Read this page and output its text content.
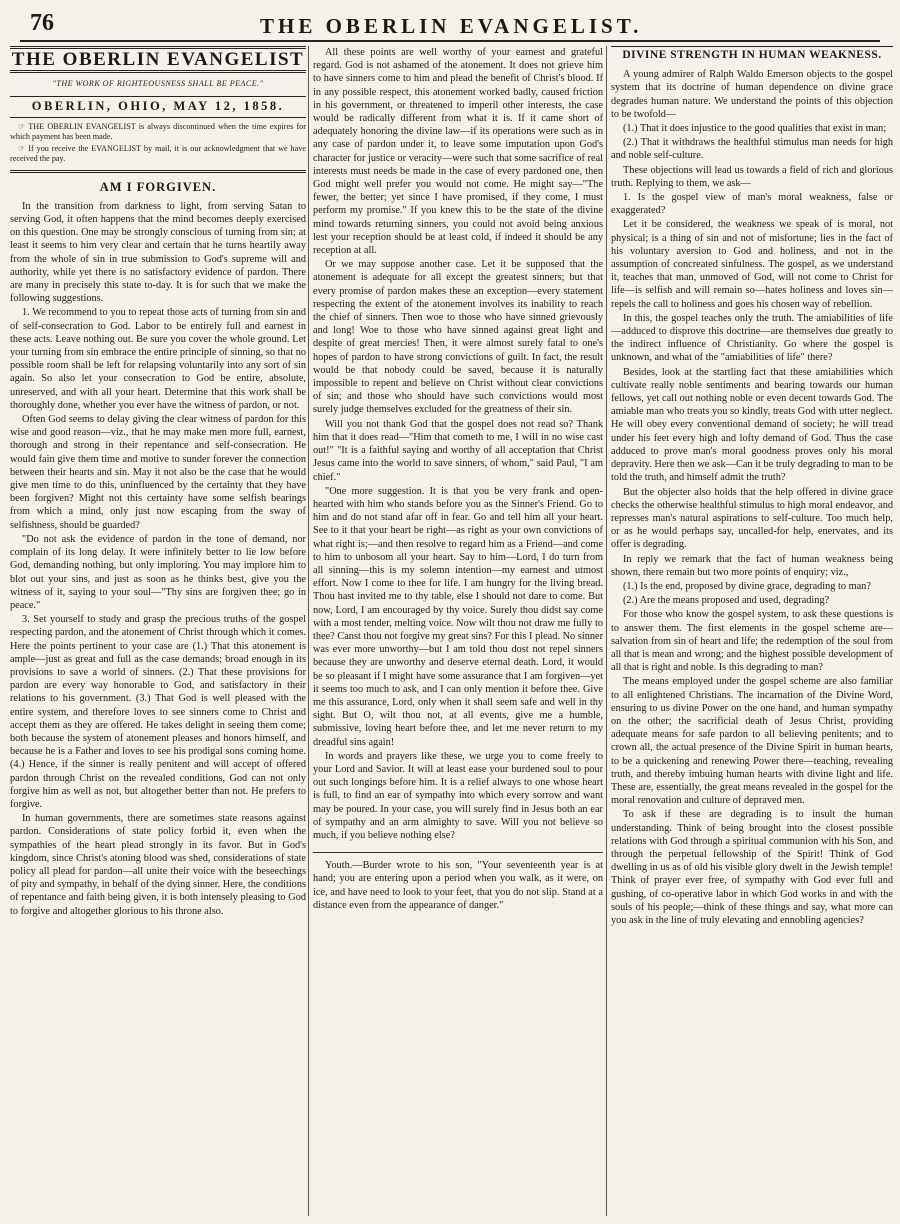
76	THE OBERLIN EVANGELIST.
THE OBERLIN EVANGELIST
"THE WORK OF RIGHTEOUSNESS SHALL BE PEACE."
OBERLIN, OHIO, MAY 12, 1858.
☞ THE OBERLIN EVANGELIST is always discontinued when the time expires for which payment has been made.
☞ If you receive the EVANGELIST by mail, it is our acknowledgment that we have received the pay.
AM I FORGIVEN.

In the transition from darkness to light, from serving Satan to serving God, it often happens that the mind becomes deeply exercised on this question. One may be strongly conscious of turning from sin; at least it seems to him very clear and certain that he turns heartily away from the whole of sin in true submission to God's supreme will and authority, while yet there is no satisfactory evidence of pardon. There are many in precisely this state to-day. It is for such that we make the following suggestions.

1. We recommend to you to repeat those acts of turning from sin and of self-consecration to God. Labor to be entirely full and earnest in these acts. Leave nothing out. Be sure you cover the whole ground. Let your turning from sin embrace the entire principle of sinning, so that no possible room shall be left for relapsing voluntarily into any sort of sin again. So also let your consecration to God be entire, absolute, unreserved, and with all your heart. Determine that this work shall be thoroughly done, whether you ever have the witness of pardon, or not.

Often God seems to delay giving the clear witness of pardon for this wise and good reason—viz., that he may make men more full, earnest, thorough and strong in their repentance and self-consecration. He would fain give them time and motive to sunder forever the connection between their hearts and sin. May it not also be the case that he would give men time to do this, uninfluenced by the certainty that they have been forgiven? Might not this certainty have some selfish bearings from which a mind, only just now escaping from the sway of selfishness, should be guarded?

"Do not ask the evidence of pardon in the tone of demand, nor complain of its long delay. It were infinitely better to lie low before God, demanding nothing, but only imploring. You may implore him to blot out your sins, and just as soon as he thinks best, give you the witness of it, saying to your soul—"Thy sins are forgiven thee; go in peace."

3. Set yourself to study and grasp the precious truths of the gospel respecting pardon, and the atonement of Christ through which it comes. Here the points pertinent to your case are (1.) That this atonement is ample—just as great and full as the case demands; broad enough in its provisions to save a world of sinners. (2.) That these provisions for pardon are every way honorable to God, and satisfactory in their relations to his government. (3.) That God is well pleased with the entire system, and therefore loves to see sinners come to Christ and accept them as they are offered. He takes delight in seeing them come; both because the system of atonement pleases and honors himself, and because he is a Father and loves to see his prodigal sons coming home. (4.) Hence, if the sinner is really penitent and will accept of offered pardon through Christ on the revealed conditions, God can not only forgive him as well as not, but altogether better than not. He prefers to forgive.

In human governments, there are sometimes state reasons against pardon. Considerations of state policy forbid it, even when the sympathies of the heart plead strongly in its favor. But in God's kingdom, since Christ's atoning blood was shed, considerations of state policy all plead for pardon—all unite their voice with the beseechings of pity and sympathy, in behalf of the dying sinner. Here, the conditions of repentance and faith being given, it is both intensely pleasing to God to forgive and altogether glorious to his throne also.

All these points are well worthy of your earnest and grateful regard. God is not ashamed of the atonement. It does not grieve him to have sinners come to him and plead the benefit of Christ's blood. If in any possible respect, this atonement worked badly, caused friction in his government, or threatened to imperil other interests, the case would be radically different from what it is. If it came short of adequately honoring the divine law—if its operations were such as in any case of pardon under it, to leave some imputation upon God's character for justice or veracity—were such that some sacrifice of real interests must needs be made in the case of every pardoned one, then God might well prefer you would not come. He might say—"The fewer, the better; yet since I have promised, if they come, I must perform my promise." If you knew this to be the state of the divine mind towards returning sinners, you could not avoid being anxious lest your reception should be at least cold, if indeed it should be any reception at all.

Or we may suppose another case. Let it be supposed that the atonement is adequate for all except the greatest sinners; but that every promise of pardon makes these an exception—every statement respecting the extent of the atonement involves its inability to reach the chief of sinners. Then woe to those who have sinned grievously and long! Woe to those who have sinned against great light and despite of great mercies! Then, it were almost surely fatal to one's hopes of pardon to have strong convictions of guilt. In fact, the result would be that nobody could be saved, because it is naturally impossible to repent and believe on Christ without clear convictions of sin; and those who should have such convictions would most surely judge themselves excluded for the greatness of their sin.

Will you not thank God that the gospel does not read so? Thank him that it does read—"Him that cometh to me, I will in no wise cast out!" "It is a faithful saying and worthy of all acceptation that Christ Jesus came into the world to save sinners, of whom," said Paul, "I am chief."

"One more suggestion. It is that you be very frank and open-hearted with him who stands before you as the Sinner's Friend. Go to him and do not stand afar off in fear. Go and tell him all your heart. See to it that your heart be right—as right as your own convictions of what right is;—and then resolve to regard him as a Friend—and come to him to unbosom all your heart. Say to him—Lord, I do turn from all sinning—this is my solemn intention—my earnest and utmost effort. Now I come to thee for life. I am hungry for the living bread. Thou hast invited me to thy table, else I should not dare to come. But now, Lord, I am encouraged by thy voice. Surely thou didst say come with a most tender, melting voice. Now wilt thou not draw me fully to thee? Canst thou not forgive my great sins? For this I plead. No sinner was ever more unworthy—but I am told thou dost not repel sinners because they are unworthy and deserve eternal death. Lord, it would be so pleasant if I might have some assurance that I am forgiven—yet it seems too much to ask, and I can only mention it before thee. Give me this assurance, Lord, only when it shall seem safe and well in thy sight. But O, wilt thou not, at all events, give me a humble, submissive, loving heart before thee, and let me never return to my dreadful sins again!

In words and prayers like these, we urge you to come freely to your Lord and Savior. It will at least ease your burdened soul to pour out such longings before him. It is a relief always to one whose heart is full, to find an ear of sympathy into which every sorrow and want may be poured. In your case, you will surely find in Jesus both an ear of sympathy and an arm almighty to save. Will you not believe so much, if you believe nothing else?

Youth.—Burder wrote to his son, "Your seventeenth year is at hand; you are entering upon a period when you walk, as it were, on ice, and have need to look to your feet, that you do not slip. Stand at a distance even from the appearance of danger."

DIVINE STRENGTH IN HUMAN WEAKNESS.

A young admirer of Ralph Waldo Emerson objects to the gospel system that its doctrine of human dependence on divine grace degrades human nature. We understand the points of this objection to be twofold—

(1.) That it does injustice to the good qualities that exist in man;

(2.) That it withdraws the healthful stimulus man needs for high and noble self-culture.

These objections will lead us towards a field of rich and glorious truth. Replying to them, we ask—

1. Is the gospel view of man's moral weakness, false or exaggerated?

Let it be considered, the weakness we speak of is moral, not physical; is a thing of sin and not of misfortune; lies in the fact of his voluntary aversion to God and holiness, and not in the assumption of concreated sinfulness. The gospel, as we understand it, teaches that man, unmoved of God, will not come to Christ for life—is selfish and will remain so—hates holiness and loves sin—repels the call to holiness and goes his chosen way of rebellion.

In this, the gospel teaches only the truth. The amiabilities of life—adduced to disprove this doctrine—are themselves due greatly to the indirect influence of Christianity. Go where the gospel is unknown, and what of the "amiabilities of life" there?

Besides, look at the startling fact that these amiabilities which cultivate really noble sentiments and bearing towards our human fellows, yet call out nothing noble or even decent towards God. The amiable man who treats you so kindly, treats God with utter neglect. He will obey every conventional demand of society; he will tread under his feet every high and lofty demand of God. Thus the case adduced to prove man's moral goodness proves only his moral depravity. Here then we ask—Can it be truly degrading to man to be told the truth, and himself admit the truth?

But the objecter also holds that the help offered in divine grace checks the otherwise healthful stimulus to high moral endeavor, and represses man's natural aspirations to self-culture. Too much help, or as he would perhaps say, uncalled-for help, enervates, and its offer is degrading.

In reply we remark that the fact of human weakness being shown, there remain but two more points of enquiry; viz.,

(1.) Is the end, proposed by divine grace, degrading to man?

(2.) Are the means proposed and used, degrading?

For those who know the gospel system, to ask these questions is to answer them. The first elements in the gospel scheme are—salvation from sin of heart and life; the redemption of the soul from all that is mean and wrong; and the highest possible development of all that is right and noble. Is this degrading to man?

The means employed under the gospel scheme are also familiar to all enlightened Christians. The incarnation of the Divine Word, ensuring to us divine Power on the one hand, and human sympathy on the other; the sacrificial death of Jesus Christ, providing adequate means for safe pardon to all believing penitents; and to crown all, the actual presence of the Divine Spirit in human hearts, to be a quickening and renewing Power there—teaching, revealing truth, and thereby imbuing human hearts with divine light and life. These are, essentially, the great means revealed in the gospel for the moral renovation and culture of depraved men.

To ask if these are degrading is to insult the human understanding. Think of being brought into the closest possible relations with God through a spiritual communion with his Son, and through the perpetual fellowship of the Spirit! Think of God dwelling in us as of old his visible glory dwelt in the Jewish temple! Think of prayer ever free, of sympathy with God ever full and gushing, of co-operative labor in which God works in and with the souls of his people;—think of these things and say, what more can you ask in the line of truly elevating and ennobling agencies?
